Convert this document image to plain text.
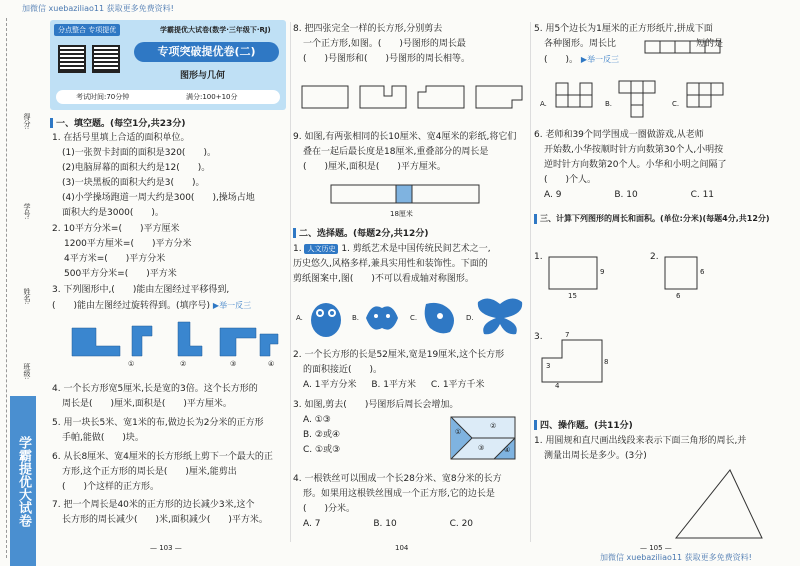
加微信 xuebaziliao11 获取更多免费资料!
加微信 xuebaziliao11 获取更多免费资料!
得分:
学号:
姓名:
班级:
学霸提优大试卷
分点整合 专项提优	学霸提优大试卷(数学·三年级下·RJ)
专项突破提优卷(二)
图形与几何
考试时间:70分钟	满分:100+10分
一、填空题。(每空1分,共23分)
1. 在括号里填上合适的面积单位。
(1)一张贺卡封面的面积是320(　　)。
(2)电脑屏幕的面积大约是12(　　)。
(3)一块黑板的面积大约是3(　　)。
(4)小学操场跑道一周大约是300(　　),操场占地
面积大约是3000(　　)。
2. 10平方分米=(　　)平方厘米
1200平方厘米=(　　)平方分米
4平方米=(　　)平方分米
500平方分米=(　　)平方米
3. 下列图形中,(　　)能由左图经过平移得到,
(　　)能由左图经过旋转得到。(填序号) ▶举一反三
①	②	③	④
4. 一个长方形宽5厘米,长是宽的3倍。这个长方形的
周长是(　　)厘米,面积是(　　)平方厘米。
5. 用一块长5米、宽1米的布,做边长为2分米的正方形
手帕,能做(　　)块。
6. 从长8厘米、宽4厘米的长方形纸上剪下一个最大的正
方形,这个正方形的周长是(　　)厘米,能剪出
(　　)个这样的正方形。
7. 把一个周长是40米的正方形的边长减少3米,这个
长方形的周长减少(　　)米,面积减少(　　)平方米。
— 103 —
8. 把四张完全一样的长方形,分别剪去
一个正方形,如图。(　　)号图形的周长最
(　　)号图形和(　　)号图形的周长相等。
9. 如图,有两张相同的长10厘米、宽4厘米的彩纸,将它们
叠在一起后最长度是18厘米,重叠部分的周长是
(　　)厘米,面积是(　　)平方厘米。
18厘米
二、选择题。(每题2分,共12分)
1. 人文历史 1. 剪纸艺术是中国传统民间艺术之一,
历史悠久,风格多样,兼具实用性和装饰性。下面的
剪纸图案中,图(　　)不可以看成轴对称图形。
A.	B.	C.	D.
2. 一个长方形的长是52厘米,宽是19厘米,这个长方形
的面积接近(　　)。
A. 1平方分米 B. 1平方米 C. 1平方千米
3. 如图,剪去(　　)号图形后周长会增加。
A. ①③
B. ②或④
C. ①或③
①
②
③	④
4. 一根铁丝可以围成一个长28分米、宽8分米的长方
形。如果用这根铁丝围成一个正方形,它的边长是
(　　)分米。
A. 7	B. 10	C. 20
104
5. 用5个边长为1厘米的正方形纸片,拼成下面
各种图形。周长比	短的是
(　　)。 ▶举一反三
A.	B.	C.
6. 老师和39个同学围成一圈做游戏,从老师
开始数,小华按顺时针方向数第30个人,小明按
逆时针方向数第20个人。小华和小明之间隔了
(　　)个人。
A. 9	B. 10	C. 11
三、计算下列图形的周长和面积。(单位:分米)(每题4分,共12分)
1.
9
15
2.
6
6
3.	7
8
3
4
四、操作题。(共11分)
1. 用圆规和直尺画出线段来表示下面三角形的周长,并
测量出周长是多少。(3分)
— 105 —
